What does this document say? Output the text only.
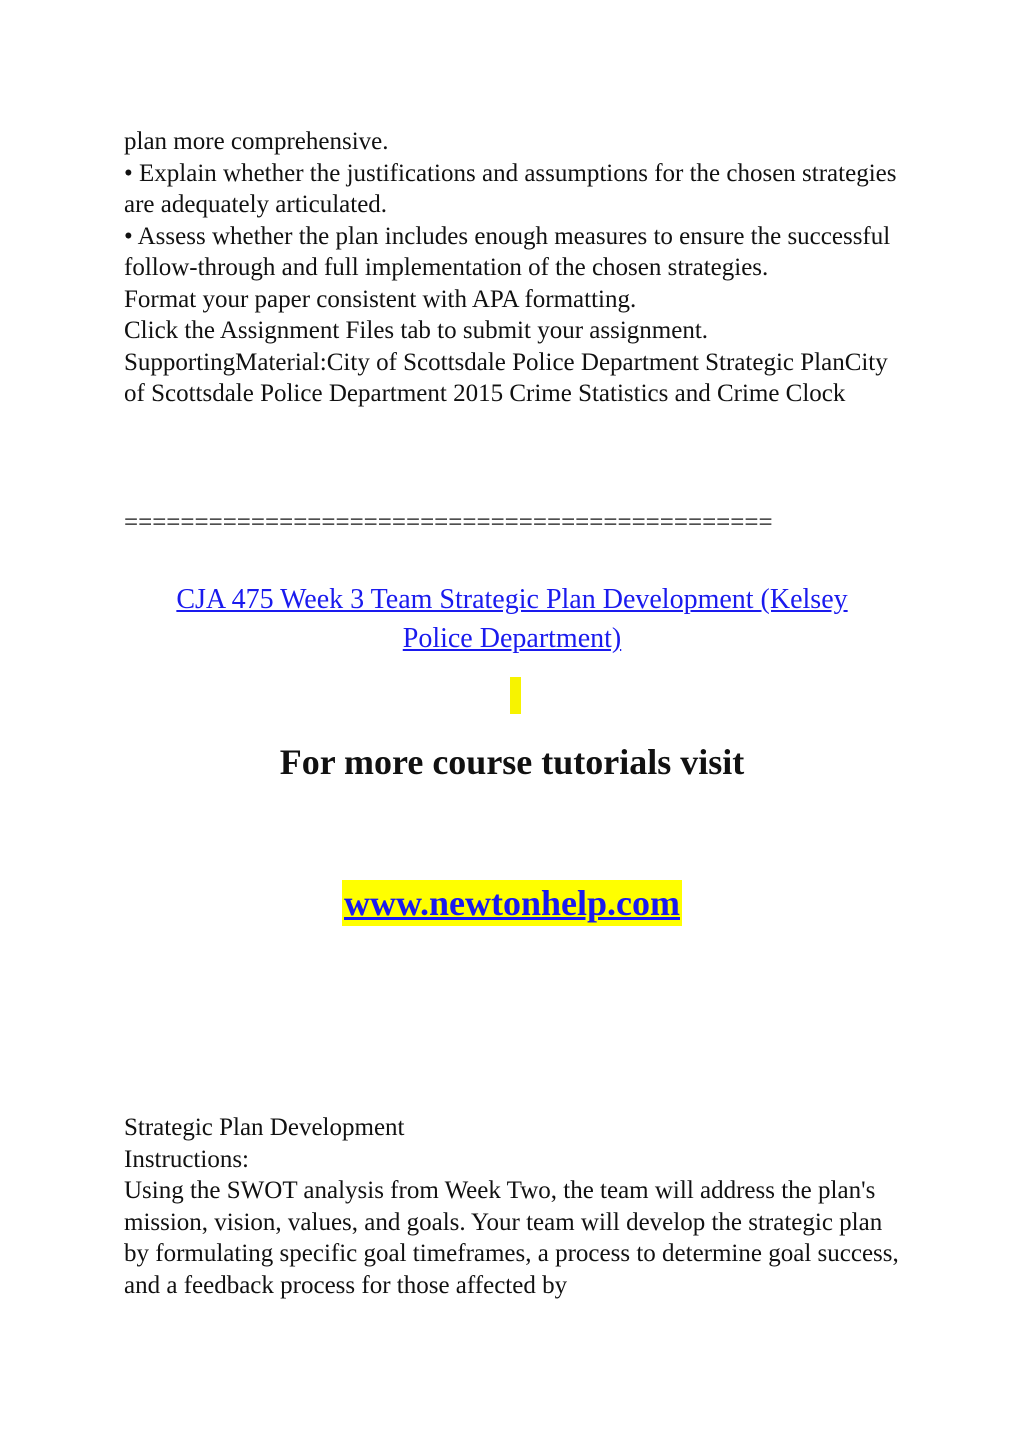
plan more comprehensive.

• Explain whether the justifications and assumptions for the chosen strategies are adequately articulated.

• Assess whether the plan includes enough measures to ensure the successful follow-through and full implementation of the chosen strategies.

Format your paper consistent with APA formatting.

Click the Assignment Files tab to submit your assignment.

SupportingMaterial:City of Scottsdale Police Department Strategic PlanCity of Scottsdale Police Department 2015 Crime Statistics and Crime Clock

==============================================
CJA 475 Week 3 Team Strategic Plan Development (Kelsey
Police Department)
For more course tutorials visit
www.newtonhelp.com

Strategic Plan Development

Instructions:

Using the SWOT analysis from Week Two, the team will address the plan's mission, vision, values, and goals. Your team will develop the strategic plan by formulating specific goal timeframes, a process to determine goal success, and a feedback process for those affected by
